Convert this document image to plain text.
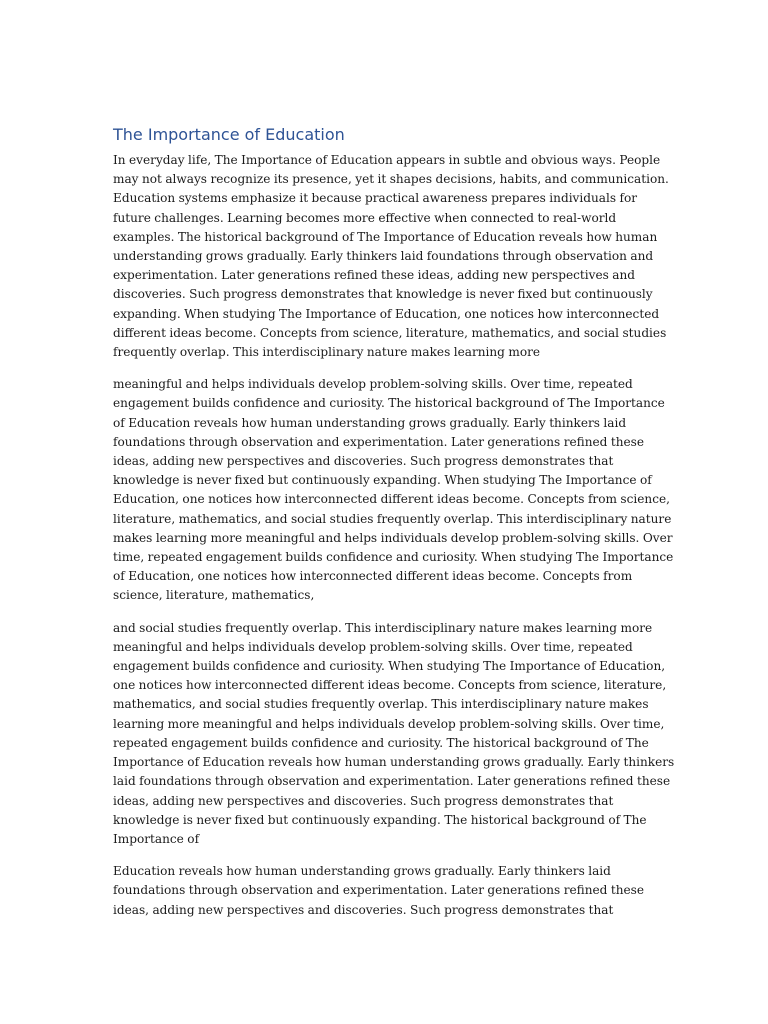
The Importance of Education

In everyday life, The Importance of Education appears in subtle and obvious ways. People
may not always recognize its presence, yet it shapes decisions, habits, and communication.
Education systems emphasize it because practical awareness prepares individuals for
future challenges. Learning becomes more effective when connected to real-world
examples. The historical background of The Importance of Education reveals how human
understanding grows gradually. Early thinkers laid foundations through observation and
experimentation. Later generations refined these ideas, adding new perspectives and
discoveries. Such progress demonstrates that knowledge is never fixed but continuously
expanding. When studying The Importance of Education, one notices how interconnected
different ideas become. Concepts from science, literature, mathematics, and social studies
frequently overlap. This interdisciplinary nature makes learning more

meaningful and helps individuals develop problem-solving skills. Over time, repeated
engagement builds confidence and curiosity. The historical background of The Importance
of Education reveals how human understanding grows gradually. Early thinkers laid
foundations through observation and experimentation. Later generations refined these
ideas, adding new perspectives and discoveries. Such progress demonstrates that
knowledge is never fixed but continuously expanding. When studying The Importance of
Education, one notices how interconnected different ideas become. Concepts from science,
literature, mathematics, and social studies frequently overlap. This interdisciplinary nature
makes learning more meaningful and helps individuals develop problem-solving skills. Over
time, repeated engagement builds confidence and curiosity. When studying The Importance
of Education, one notices how interconnected different ideas become. Concepts from
science, literature, mathematics,

and social studies frequently overlap. This interdisciplinary nature makes learning more
meaningful and helps individuals develop problem-solving skills. Over time, repeated
engagement builds confidence and curiosity. When studying The Importance of Education,
one notices how interconnected different ideas become. Concepts from science, literature,
mathematics, and social studies frequently overlap. This interdisciplinary nature makes
learning more meaningful and helps individuals develop problem-solving skills. Over time,
repeated engagement builds confidence and curiosity. The historical background of The
Importance of Education reveals how human understanding grows gradually. Early thinkers
laid foundations through observation and experimentation. Later generations refined these
ideas, adding new perspectives and discoveries. Such progress demonstrates that
knowledge is never fixed but continuously expanding. The historical background of The
Importance of

Education reveals how human understanding grows gradually. Early thinkers laid
foundations through observation and experimentation. Later generations refined these
ideas, adding new perspectives and discoveries. Such progress demonstrates that
